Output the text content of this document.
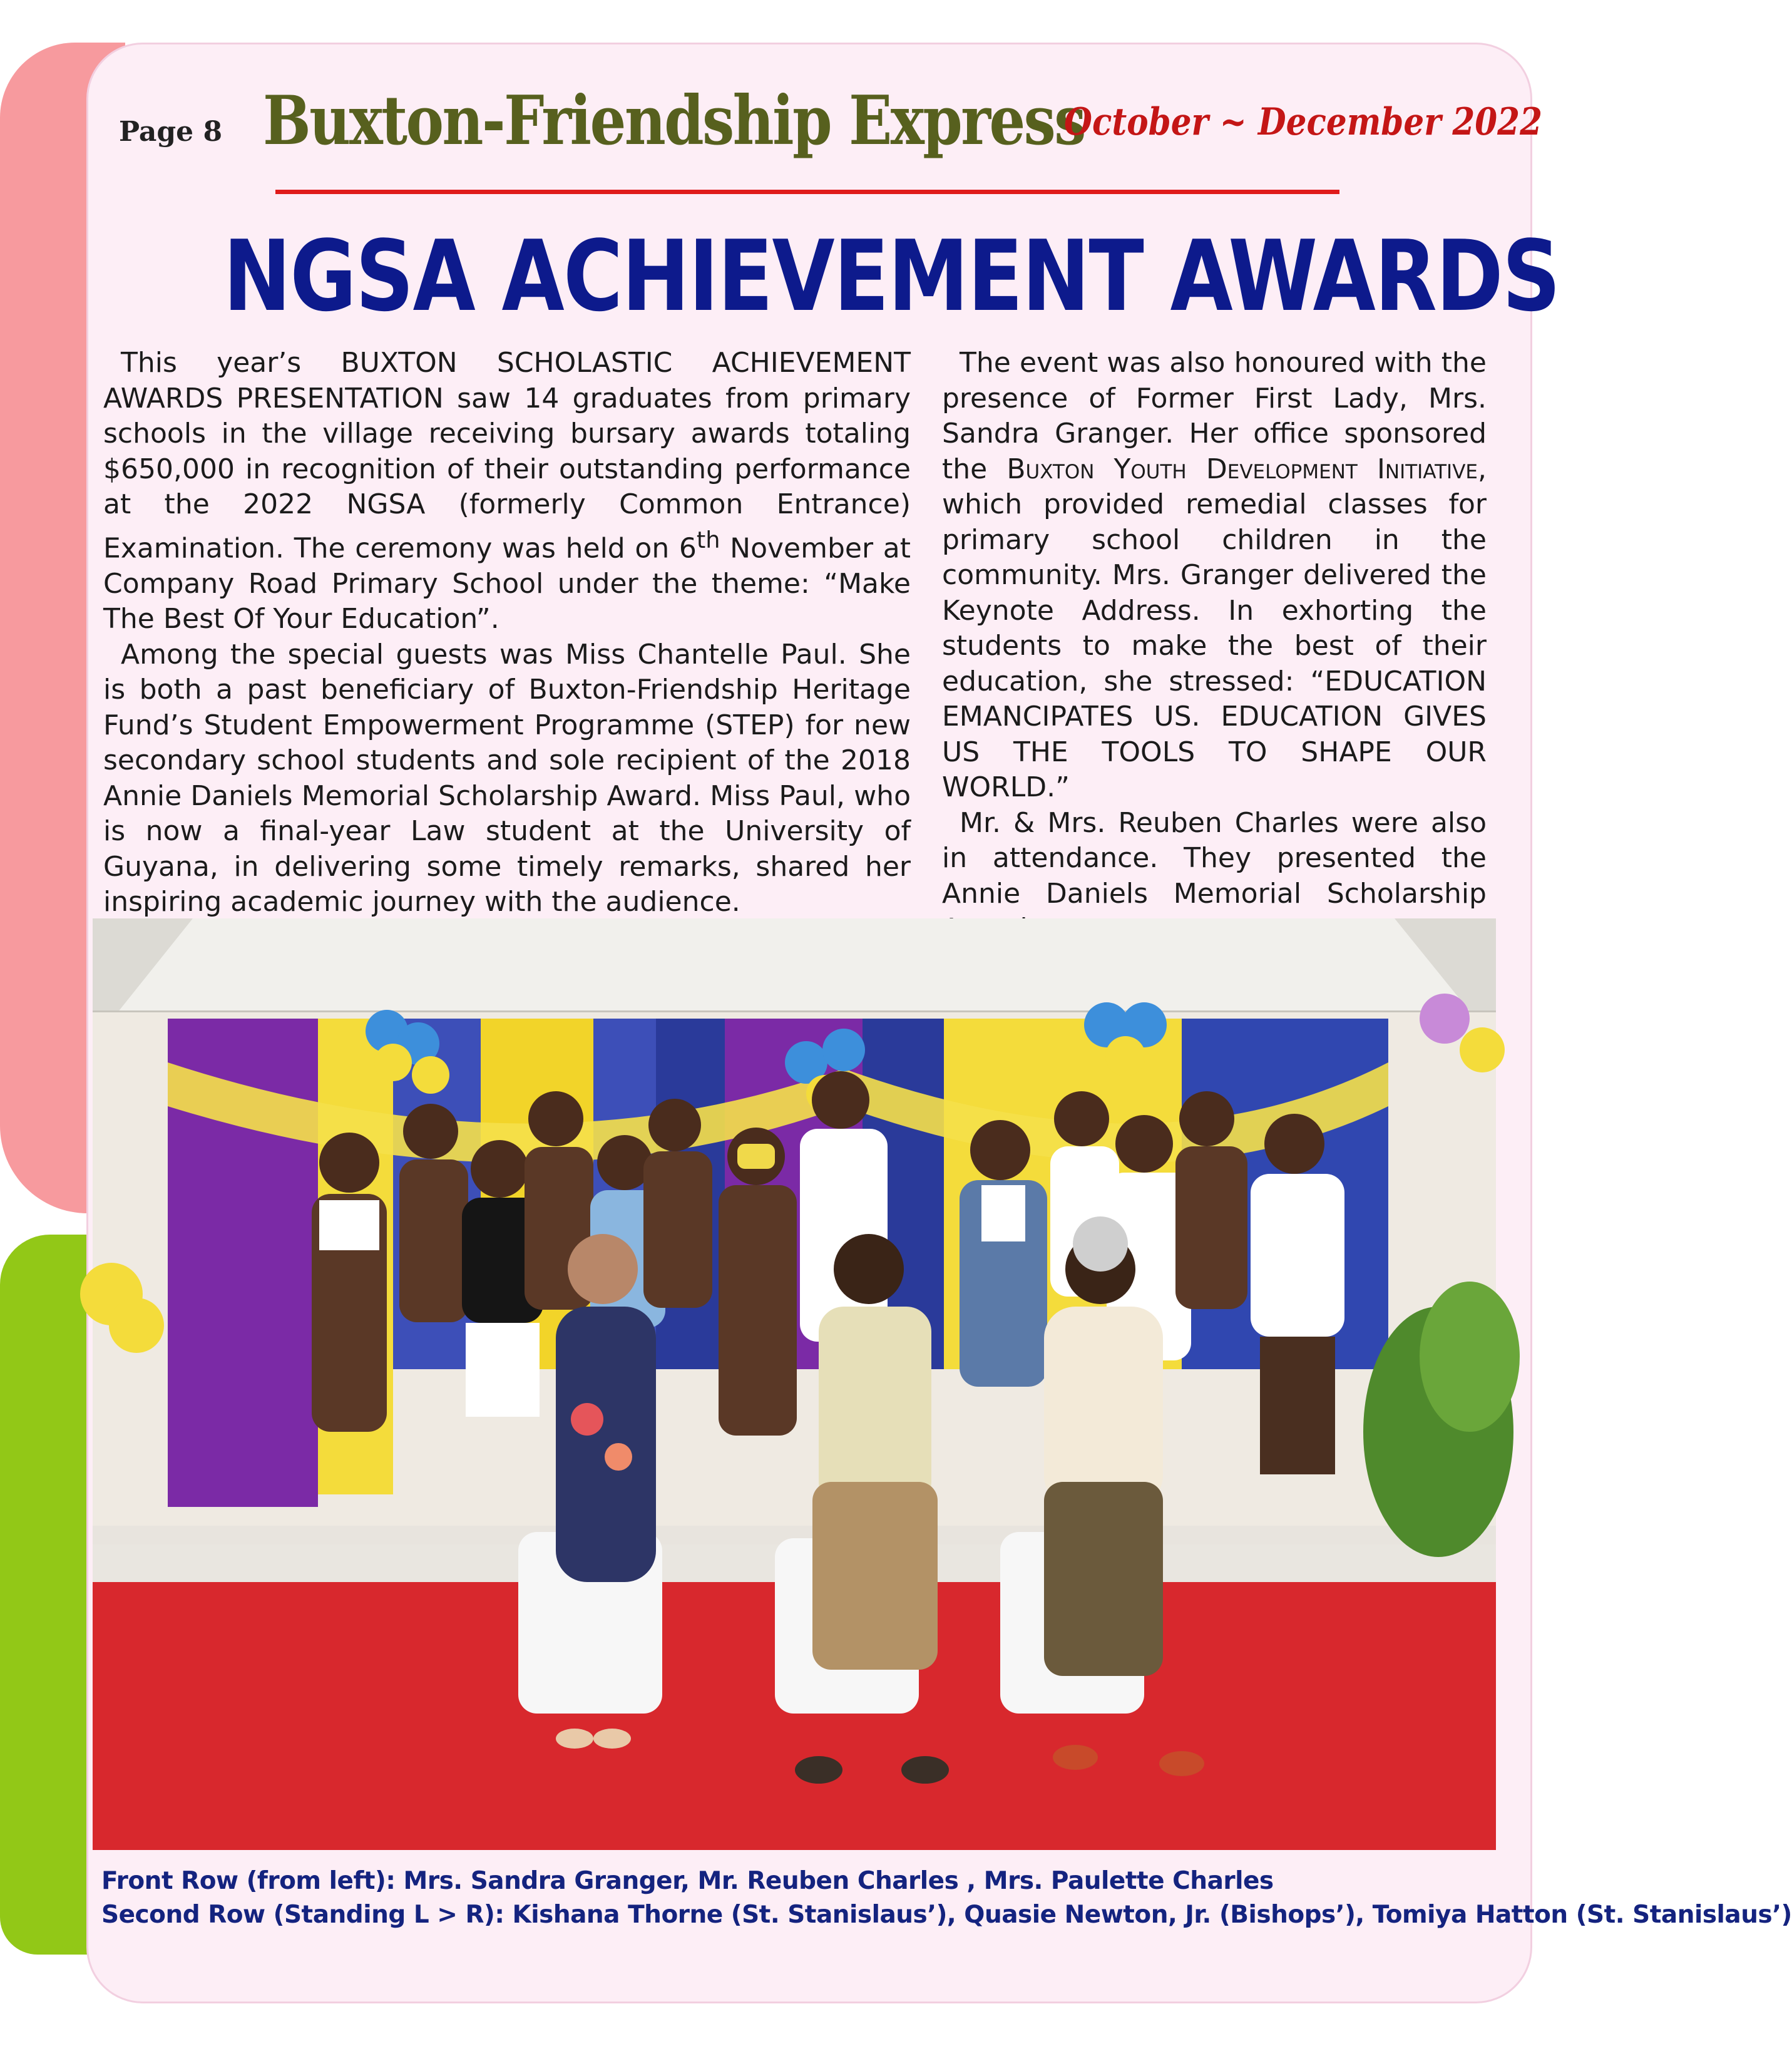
Page 8 Buxton-Friendship Express
October ~ December 2022
NGSA ACHIEVEMENT AWARDS

This year’s BUXTON SCHOLASTIC ACHIEVEMENT AWARDS PRESENTATION saw 14 graduates from primary schools in the village receiving bursary awards totaling $650,000 in recognition of their outstanding performance at the 2022 NGSA (formerly Common Entrance) Examination. The ceremony was held on 6th November at Company Road Primary School under the theme: “Make The Best Of Your Education”.

Among the special guests was Miss Chantelle Paul. She is both a past beneficiary of Buxton-Friendship Heritage Fund’s Student Empowerment Programme (STEP) for new secondary school students and sole recipient of the 2018 Annie Daniels Memorial Scholarship Award. Miss Paul, who is now a final-year Law student at the University of Guyana, in delivering some timely remarks, shared her inspiring academic journey with the audience.

The event was also honoured with the presence of Former First Lady, Mrs. Sandra Granger. Her office sponsored the Buxton Youth Development Initiative, which provided remedial classes for primary school children in the community. Mrs. Granger delivered the Keynote Address. In exhorting the students to make the best of their education, she stressed: “EDUCATION EMANCIPATES US. EDUCATION GIVES US THE TOOLS TO SHAPE OUR WORLD.”

Mr. & Mrs. Reuben Charles were also in attendance. They presented the Annie Daniels Memorial Scholarship

Front Row (from left): Mrs. Sandra Granger, Mr. Reuben Charles , Mrs. Paulette Charles
Second Row (Standing L > R): Kishana Thorne (St. Stanislaus’), Quasie Newton, Jr. (Bishops’), Tomiya Hatton (St. Stanislaus’)
